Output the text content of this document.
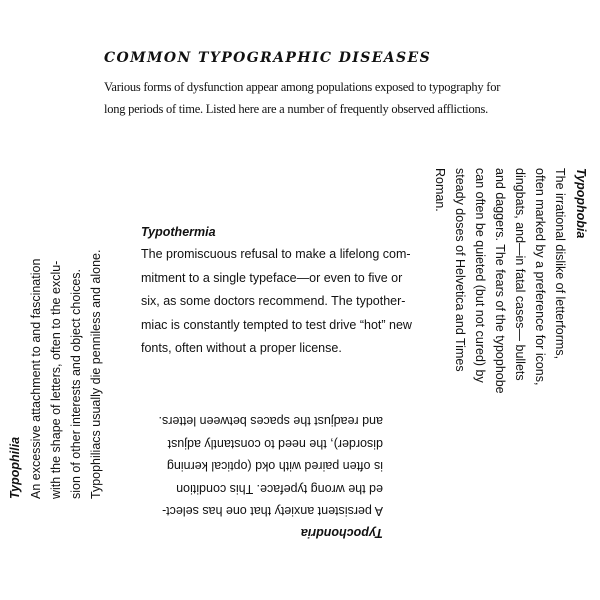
COMMON TYPOGRAPHIC DISEASES
Various forms of dysfunction appear among populations exposed to typography for
long periods of time. Listed here are a number of frequently observed afflictions.
Typothermia
The promiscuous refusal to make a lifelong com-
mitment to a single typeface—or even to five or
six, as some doctors recommend. The typother-
miac is constantly tempted to test drive “hot” new
fonts, often without a proper license.
Typochondria
A persistent anxiety that one has select-
ed the wrong typeface. This condition
is often paired with okd (optical kerning
disorder), the need to constantly adjust
and readjust the spaces between letters.
Typophilia An excessive attachment to and fascination with the shape of letters, often to the exclu- sion of other interests and object choices. Typophiliacs usually die penniless and alone.
Typophobia
The irrational dislike of letterforms,
often marked by a preference for icons,
dingbats, and—in fatal cases— bullets
and daggers. The fears of the typophobe
can often be quieted (but not cured) by
steady doses of Helvetica and Times
Roman.
